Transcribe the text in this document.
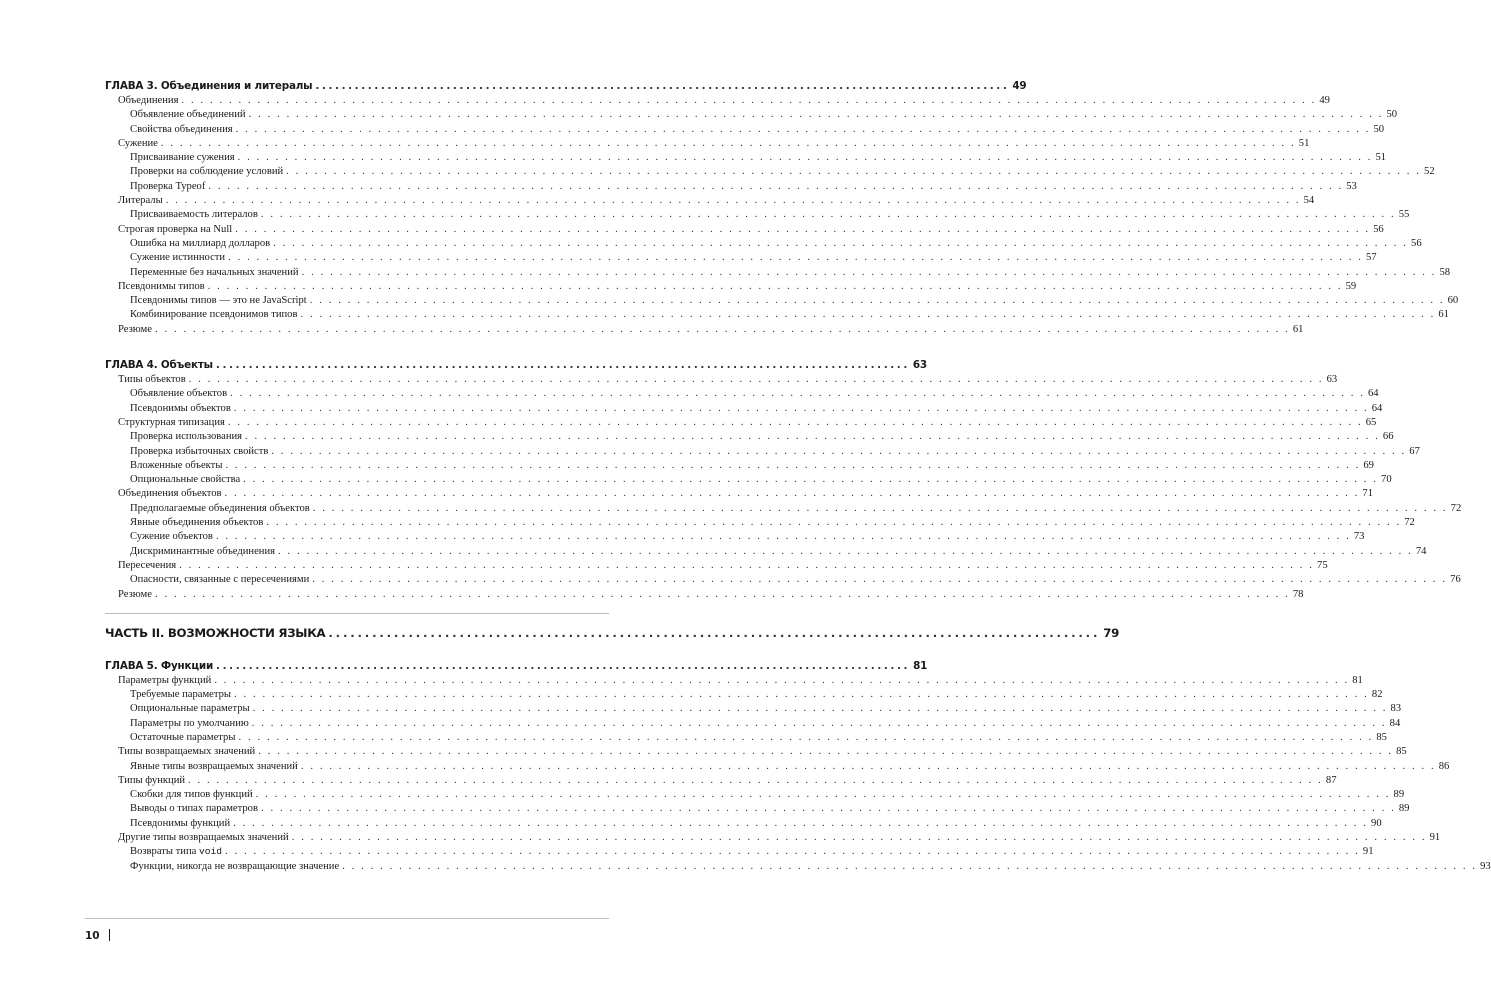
ГЛАВА 3. Объединения и литералы .......................................................................................................... 49
Объединения . . . . . . . . . . . . . . . . . . . . . . . . . . . . . . . . . . . . . . . . . . . . . . . . . . . . . . . . . . . . . . . . . . . . . . . . . . . . . . . . . . . . . . . . . . . . . . . . . . . . . . . . . . . . . . . . . . . . . . . . 49
Объявление объединений . . . . . . . . . . . . . . . . . . . . . . . . . . . . . . . . . . . . . . . . . . . . . . . . . . . . . . . . . . . . . . . . . . . . . . . . . . . . . . . . . . . . . . . . . . . . . . . . . . . . . . . . . . . . . . . . . . . . . . . . 50
Свойства объединения . . . . . . . . . . . . . . . . . . . . . . . . . . . . . . . . . . . . . . . . . . . . . . . . . . . . . . . . . . . . . . . . . . . . . . . . . . . . . . . . . . . . . . . . . . . . . . . . . . . . . . . . . . . . . . . . . . . . . . . . 50
Сужение . . . . . . . . . . . . . . . . . . . . . . . . . . . . . . . . . . . . . . . . . . . . . . . . . . . . . . . . . . . . . . . . . . . . . . . . . . . . . . . . . . . . . . . . . . . . . . . . . . . . . . . . . . . . . . . . . . . . . . . . 51
Присваивание сужения . . . . . . . . . . . . . . . . . . . . . . . . . . . . . . . . . . . . . . . . . . . . . . . . . . . . . . . . . . . . . . . . . . . . . . . . . . . . . . . . . . . . . . . . . . . . . . . . . . . . . . . . . . . . . . . . . . . . . . . . 51
Проверки на соблюдение условий . . . . . . . . . . . . . . . . . . . . . . . . . . . . . . . . . . . . . . . . . . . . . . . . . . . . . . . . . . . . . . . . . . . . . . . . . . . . . . . . . . . . . . . . . . . . . . . . . . . . . . . . . . . . . . . . . . . . . . . . 52
Проверка Typeof . . . . . . . . . . . . . . . . . . . . . . . . . . . . . . . . . . . . . . . . . . . . . . . . . . . . . . . . . . . . . . . . . . . . . . . . . . . . . . . . . . . . . . . . . . . . . . . . . . . . . . . . . . . . . . . . . . . . . . . . 53
Литералы . . . . . . . . . . . . . . . . . . . . . . . . . . . . . . . . . . . . . . . . . . . . . . . . . . . . . . . . . . . . . . . . . . . . . . . . . . . . . . . . . . . . . . . . . . . . . . . . . . . . . . . . . . . . . . . . . . . . . . . . 54
Присваиваемость литералов . . . . . . . . . . . . . . . . . . . . . . . . . . . . . . . . . . . . . . . . . . . . . . . . . . . . . . . . . . . . . . . . . . . . . . . . . . . . . . . . . . . . . . . . . . . . . . . . . . . . . . . . . . . . . . . . . . . . . . . . 55
Строгая проверка на Null . . . . . . . . . . . . . . . . . . . . . . . . . . . . . . . . . . . . . . . . . . . . . . . . . . . . . . . . . . . . . . . . . . . . . . . . . . . . . . . . . . . . . . . . . . . . . . . . . . . . . . . . . . . . . . . . . . . . . . . . 56
Ошибка на миллиард долларов . . . . . . . . . . . . . . . . . . . . . . . . . . . . . . . . . . . . . . . . . . . . . . . . . . . . . . . . . . . . . . . . . . . . . . . . . . . . . . . . . . . . . . . . . . . . . . . . . . . . . . . . . . . . . . . . . . . . . . . . 56
Сужение истинности . . . . . . . . . . . . . . . . . . . . . . . . . . . . . . . . . . . . . . . . . . . . . . . . . . . . . . . . . . . . . . . . . . . . . . . . . . . . . . . . . . . . . . . . . . . . . . . . . . . . . . . . . . . . . . . . . . . . . . . . 57
Переменные без начальных значений . . . . . . . . . . . . . . . . . . . . . . . . . . . . . . . . . . . . . . . . . . . . . . . . . . . . . . . . . . . . . . . . . . . . . . . . . . . . . . . . . . . . . . . . . . . . . . . . . . . . . . . . . . . . . . . . . . . . . . . . 58
Псевдонимы типов . . . . . . . . . . . . . . . . . . . . . . . . . . . . . . . . . . . . . . . . . . . . . . . . . . . . . . . . . . . . . . . . . . . . . . . . . . . . . . . . . . . . . . . . . . . . . . . . . . . . . . . . . . . . . . . . . . . . . . . . 59
Псевдонимы типов — это не JavaScript . . . . . . . . . . . . . . . . . . . . . . . . . . . . . . . . . . . . . . . . . . . . . . . . . . . . . . . . . . . . . . . . . . . . . . . . . . . . . . . . . . . . . . . . . . . . . . . . . . . . . . . . . . . . . . . . . . . . . . . . 60
Комбинирование псевдонимов типов . . . . . . . . . . . . . . . . . . . . . . . . . . . . . . . . . . . . . . . . . . . . . . . . . . . . . . . . . . . . . . . . . . . . . . . . . . . . . . . . . . . . . . . . . . . . . . . . . . . . . . . . . . . . . . . . . . . . . . . . 61
Резюме . . . . . . . . . . . . . . . . . . . . . . . . . . . . . . . . . . . . . . . . . . . . . . . . . . . . . . . . . . . . . . . . . . . . . . . . . . . . . . . . . . . . . . . . . . . . . . . . . . . . . . . . . . . . . . . . . . . . . . . . 61
ГЛАВА 4. Объекты .......................................................................................................... 63
Типы объектов . . . . . . . . . . . . . . . . . . . . . . . . . . . . . . . . . . . . . . . . . . . . . . . . . . . . . . . . . . . . . . . . . . . . . . . . . . . . . . . . . . . . . . . . . . . . . . . . . . . . . . . . . . . . . . . . . . . . . . . . 63
Объявление объектов . . . . . . . . . . . . . . . . . . . . . . . . . . . . . . . . . . . . . . . . . . . . . . . . . . . . . . . . . . . . . . . . . . . . . . . . . . . . . . . . . . . . . . . . . . . . . . . . . . . . . . . . . . . . . . . . . . . . . . . . 64
Псевдонимы объектов . . . . . . . . . . . . . . . . . . . . . . . . . . . . . . . . . . . . . . . . . . . . . . . . . . . . . . . . . . . . . . . . . . . . . . . . . . . . . . . . . . . . . . . . . . . . . . . . . . . . . . . . . . . . . . . . . . . . . . . . 64
Структурная типизация . . . . . . . . . . . . . . . . . . . . . . . . . . . . . . . . . . . . . . . . . . . . . . . . . . . . . . . . . . . . . . . . . . . . . . . . . . . . . . . . . . . . . . . . . . . . . . . . . . . . . . . . . . . . . . . . . . . . . . . . 65
Проверка использования . . . . . . . . . . . . . . . . . . . . . . . . . . . . . . . . . . . . . . . . . . . . . . . . . . . . . . . . . . . . . . . . . . . . . . . . . . . . . . . . . . . . . . . . . . . . . . . . . . . . . . . . . . . . . . . . . . . . . . . . 66
Проверка избыточных свойств . . . . . . . . . . . . . . . . . . . . . . . . . . . . . . . . . . . . . . . . . . . . . . . . . . . . . . . . . . . . . . . . . . . . . . . . . . . . . . . . . . . . . . . . . . . . . . . . . . . . . . . . . . . . . . . . . . . . . . . . 67
Вложенные объекты . . . . . . . . . . . . . . . . . . . . . . . . . . . . . . . . . . . . . . . . . . . . . . . . . . . . . . . . . . . . . . . . . . . . . . . . . . . . . . . . . . . . . . . . . . . . . . . . . . . . . . . . . . . . . . . . . . . . . . . . 69
Опциональные свойства . . . . . . . . . . . . . . . . . . . . . . . . . . . . . . . . . . . . . . . . . . . . . . . . . . . . . . . . . . . . . . . . . . . . . . . . . . . . . . . . . . . . . . . . . . . . . . . . . . . . . . . . . . . . . . . . . . . . . . . . 70
Объединения объектов . . . . . . . . . . . . . . . . . . . . . . . . . . . . . . . . . . . . . . . . . . . . . . . . . . . . . . . . . . . . . . . . . . . . . . . . . . . . . . . . . . . . . . . . . . . . . . . . . . . . . . . . . . . . . . . . . . . . . . . . 71
Предполагаемые объединения объектов . . . . . . . . . . . . . . . . . . . . . . . . . . . . . . . . . . . . . . . . . . . . . . . . . . . . . . . . . . . . . . . . . . . . . . . . . . . . . . . . . . . . . . . . . . . . . . . . . . . . . . . . . . . . . . . . . . . . . . . . 72
Явные объединения объектов . . . . . . . . . . . . . . . . . . . . . . . . . . . . . . . . . . . . . . . . . . . . . . . . . . . . . . . . . . . . . . . . . . . . . . . . . . . . . . . . . . . . . . . . . . . . . . . . . . . . . . . . . . . . . . . . . . . . . . . . 72
Сужение объектов . . . . . . . . . . . . . . . . . . . . . . . . . . . . . . . . . . . . . . . . . . . . . . . . . . . . . . . . . . . . . . . . . . . . . . . . . . . . . . . . . . . . . . . . . . . . . . . . . . . . . . . . . . . . . . . . . . . . . . . . 73
Дискриминантные объединения . . . . . . . . . . . . . . . . . . . . . . . . . . . . . . . . . . . . . . . . . . . . . . . . . . . . . . . . . . . . . . . . . . . . . . . . . . . . . . . . . . . . . . . . . . . . . . . . . . . . . . . . . . . . . . . . . . . . . . . . 74
Пересечения . . . . . . . . . . . . . . . . . . . . . . . . . . . . . . . . . . . . . . . . . . . . . . . . . . . . . . . . . . . . . . . . . . . . . . . . . . . . . . . . . . . . . . . . . . . . . . . . . . . . . . . . . . . . . . . . . . . . . . . . 75
Опасности, связанные с пересечениями . . . . . . . . . . . . . . . . . . . . . . . . . . . . . . . . . . . . . . . . . . . . . . . . . . . . . . . . . . . . . . . . . . . . . . . . . . . . . . . . . . . . . . . . . . . . . . . . . . . . . . . . . . . . . . . . . . . . . . . . 76
Резюме . . . . . . . . . . . . . . . . . . . . . . . . . . . . . . . . . . . . . . . . . . . . . . . . . . . . . . . . . . . . . . . . . . . . . . . . . . . . . . . . . . . . . . . . . . . . . . . . . . . . . . . . . . . . . . . . . . . . . . . . 78
ЧАСТЬ II. ВОЗМОЖНОСТИ ЯЗЫКА .......................................................................................................... 79
ГЛАВА 5. Функции .......................................................................................................... 81
Параметры функций . . . . . . . . . . . . . . . . . . . . . . . . . . . . . . . . . . . . . . . . . . . . . . . . . . . . . . . . . . . . . . . . . . . . . . . . . . . . . . . . . . . . . . . . . . . . . . . . . . . . . . . . . . . . . . . . . . . . . . . . 81
Требуемые параметры . . . . . . . . . . . . . . . . . . . . . . . . . . . . . . . . . . . . . . . . . . . . . . . . . . . . . . . . . . . . . . . . . . . . . . . . . . . . . . . . . . . . . . . . . . . . . . . . . . . . . . . . . . . . . . . . . . . . . . . . 82
Опциональные параметры . . . . . . . . . . . . . . . . . . . . . . . . . . . . . . . . . . . . . . . . . . . . . . . . . . . . . . . . . . . . . . . . . . . . . . . . . . . . . . . . . . . . . . . . . . . . . . . . . . . . . . . . . . . . . . . . . . . . . . . . 83
Параметры по умолчанию . . . . . . . . . . . . . . . . . . . . . . . . . . . . . . . . . . . . . . . . . . . . . . . . . . . . . . . . . . . . . . . . . . . . . . . . . . . . . . . . . . . . . . . . . . . . . . . . . . . . . . . . . . . . . . . . . . . . . . . . 84
Остаточные параметры . . . . . . . . . . . . . . . . . . . . . . . . . . . . . . . . . . . . . . . . . . . . . . . . . . . . . . . . . . . . . . . . . . . . . . . . . . . . . . . . . . . . . . . . . . . . . . . . . . . . . . . . . . . . . . . . . . . . . . . . 85
Типы возвращаемых значений . . . . . . . . . . . . . . . . . . . . . . . . . . . . . . . . . . . . . . . . . . . . . . . . . . . . . . . . . . . . . . . . . . . . . . . . . . . . . . . . . . . . . . . . . . . . . . . . . . . . . . . . . . . . . . . . . . . . . . . . 85
Явные типы возвращаемых значений . . . . . . . . . . . . . . . . . . . . . . . . . . . . . . . . . . . . . . . . . . . . . . . . . . . . . . . . . . . . . . . . . . . . . . . . . . . . . . . . . . . . . . . . . . . . . . . . . . . . . . . . . . . . . . . . . . . . . . . . 86
Типы функций . . . . . . . . . . . . . . . . . . . . . . . . . . . . . . . . . . . . . . . . . . . . . . . . . . . . . . . . . . . . . . . . . . . . . . . . . . . . . . . . . . . . . . . . . . . . . . . . . . . . . . . . . . . . . . . . . . . . . . . . 87
Скобки для типов функций . . . . . . . . . . . . . . . . . . . . . . . . . . . . . . . . . . . . . . . . . . . . . . . . . . . . . . . . . . . . . . . . . . . . . . . . . . . . . . . . . . . . . . . . . . . . . . . . . . . . . . . . . . . . . . . . . . . . . . . . 89
Выводы о типах параметров . . . . . . . . . . . . . . . . . . . . . . . . . . . . . . . . . . . . . . . . . . . . . . . . . . . . . . . . . . . . . . . . . . . . . . . . . . . . . . . . . . . . . . . . . . . . . . . . . . . . . . . . . . . . . . . . . . . . . . . . 89
Псевдонимы функций . . . . . . . . . . . . . . . . . . . . . . . . . . . . . . . . . . . . . . . . . . . . . . . . . . . . . . . . . . . . . . . . . . . . . . . . . . . . . . . . . . . . . . . . . . . . . . . . . . . . . . . . . . . . . . . . . . . . . . . . 90
Другие типы возвращаемых значений . . . . . . . . . . . . . . . . . . . . . . . . . . . . . . . . . . . . . . . . . . . . . . . . . . . . . . . . . . . . . . . . . . . . . . . . . . . . . . . . . . . . . . . . . . . . . . . . . . . . . . . . . . . . . . . . . . . . . . . . 91
Возвраты типа void . . . . . . . . . . . . . . . . . . . . . . . . . . . . . . . . . . . . . . . . . . . . . . . . . . . . . . . . . . . . . . . . . . . . . . . . . . . . . . . . . . . . . . . . . . . . . . . . . . . . . . . . . . . . . . . . . . . . . . . . 91
Функции, никогда не возвращающие значение . . . . . . . . . . . . . . . . . . . . . . . . . . . . . . . . . . . . . . . . . . . . . . . . . . . . . . . . . . . . . . . . . . . . . . . . . . . . . . . . . . . . . . . . . . . . . . . . . . . . . . . . . . . . . . . . . . . . . . . . 93
10
